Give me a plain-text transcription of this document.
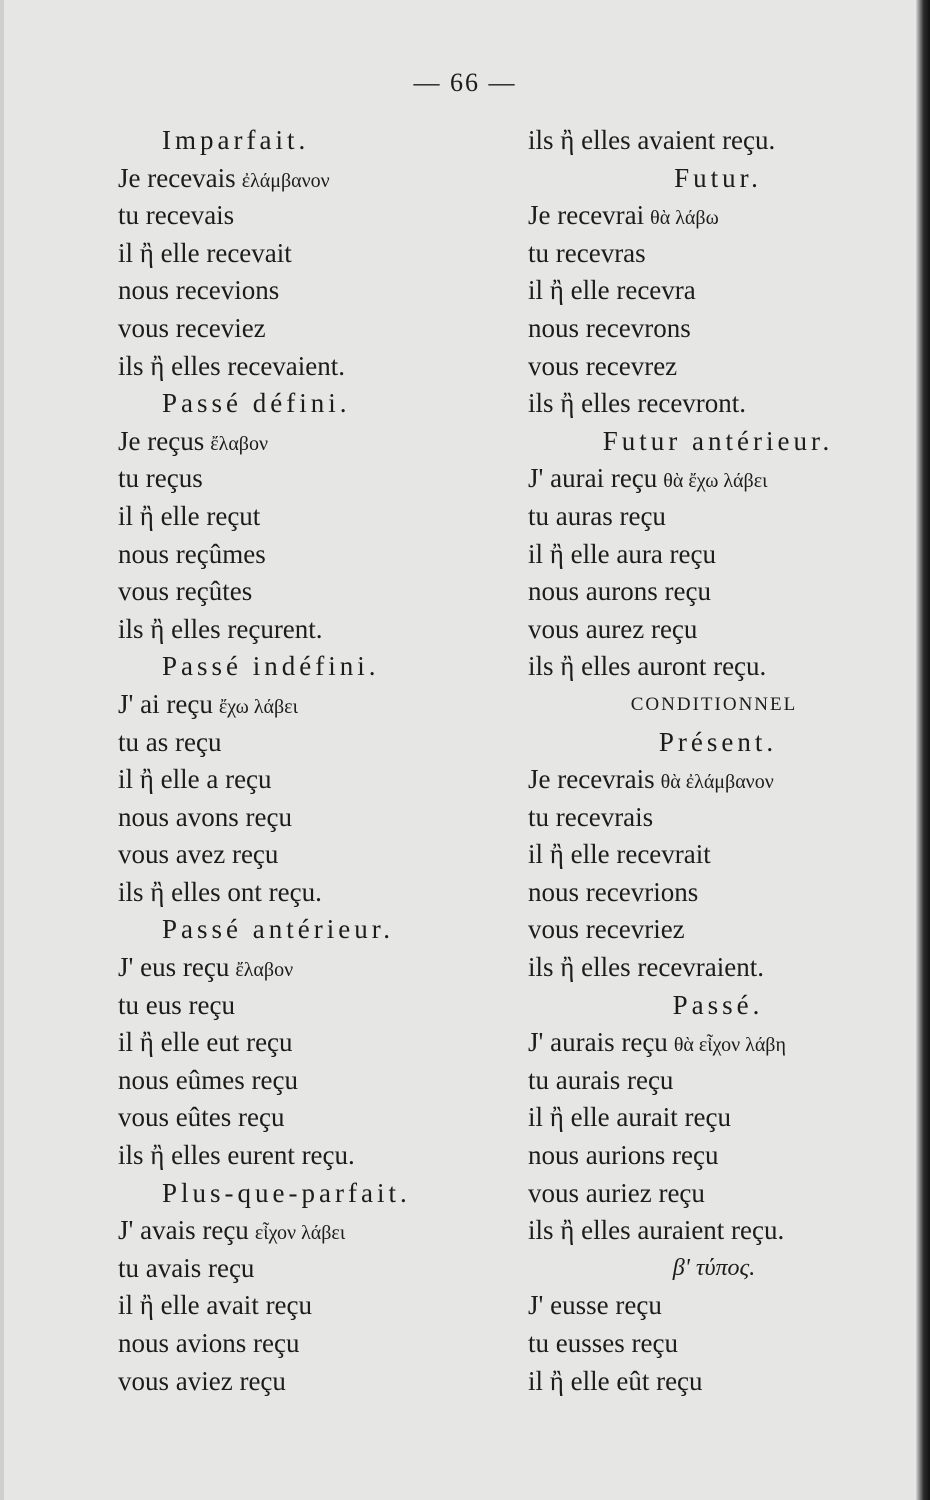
— 66 —
Imparfait.
Je recevais ἐλάμβανον
tu recevais
il ἢ elle recevait
nous recevions
vous receviez
ils ἢ elles recevaient.
Passé défini.
Je reçus ἔλαβον
tu reçus
il ἢ elle reçut
nous reçûmes
vous reçûtes
ils ἢ elles reçurent.
Passé indéfini.
J' ai reçu ἔχω λάβει
tu as reçu
il ἢ elle a reçu
nous avons reçu
vous avez reçu
ils ἢ elles ont reçu.
Passé antérieur.
J' eus reçu ἔλαβον
tu eus reçu
il ἢ elle eut reçu
nous eûmes reçu
vous eûtes reçu
ils ἢ elles eurent reçu.
Plus-que-parfait.
J' avais reçu εἶχον λάβει
tu avais reçu
il ἢ elle avait reçu
nous avions reçu
vous aviez reçu
ils ἢ elles avaient reçu.
Futur.
Je recevrai θὰ λάβω
tu recevras
il ἢ elle recevra
nous recevrons
vous recevrez
ils ἢ elles recevront.
Futur antérieur.
J' aurai reçu θὰ ἔχω λάβει
tu auras reçu
il ἢ elle aura reçu
nous aurons reçu
vous aurez reçu
ils ἢ elles auront reçu.
CONDITIONNEL
Présent.
Je recevrais θὰ ἐλάμβανον
tu recevrais
il ἢ elle recevrait
nous recevrions
vous recevriez
ils ἢ elles recevraient.
Passé.
J' aurais reçu θὰ εἶχον λάβη
tu aurais reçu
il ἢ elle aurait reçu
nous aurions reçu
vous auriez reçu
ils ἢ elles auraient reçu.
β' τύπος.
J' eusse reçu
tu eusses reçu
il ἢ elle eût reçu
